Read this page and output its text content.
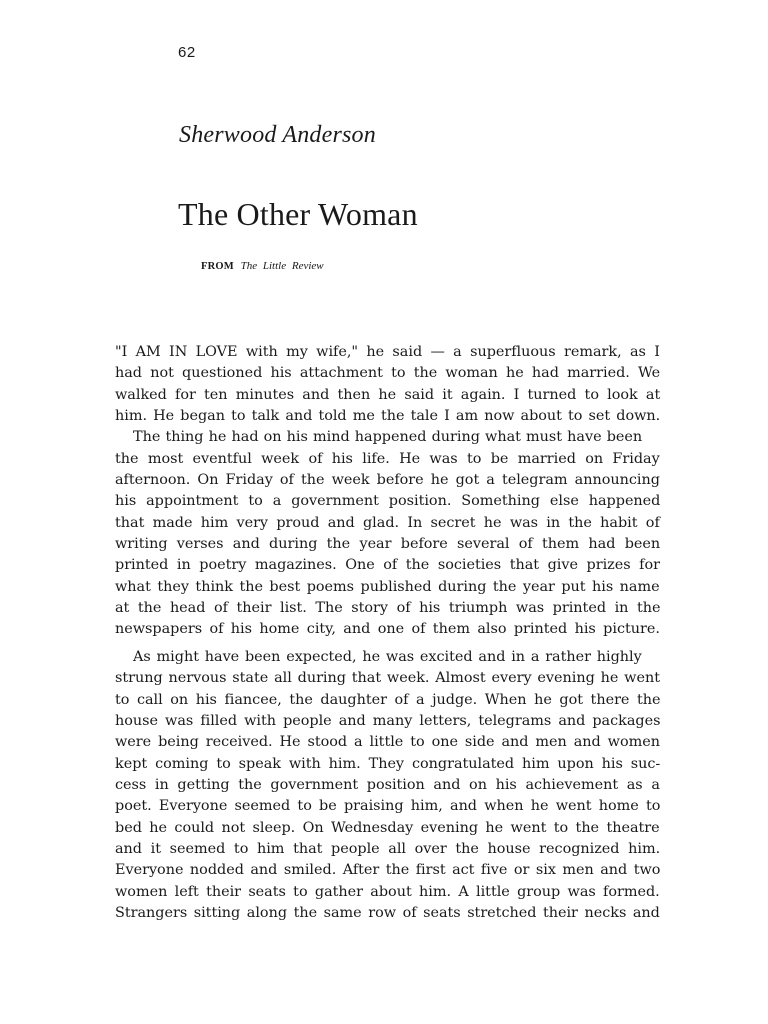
62
Sherwood Anderson
The Other Woman
FROM The Little Review
"I AM IN LOVE with my wife," he said — a superfluous remark, as I
had not questioned his attachment to the woman he had married. We
walked for ten minutes and then he said it again. I turned to look at
him. He began to talk and told me the tale I am now about to set down.
The thing he had on his mind happened during what must have been
the most eventful week of his life. He was to be married on Friday
afternoon. On Friday of the week before he got a telegram announcing
his appointment to a government position. Something else happened
that made him very proud and glad. In secret he was in the habit of
writing verses and during the year before several of them had been
printed in poetry magazines. One of the societies that give prizes for
what they think the best poems published during the year put his name
at the head of their list. The story of his triumph was printed in the
newspapers of his home city, and one of them also printed his picture.
As might have been expected, he was excited and in a rather highly
strung nervous state all during that week. Almost every evening he went
to call on his fiancee, the daughter of a judge. When he got there the
house was filled with people and many letters, telegrams and packages
were being received. He stood a little to one side and men and women
kept coming to speak with him. They congratulated him upon his suc-
cess in getting the government position and on his achievement as a
poet. Everyone seemed to be praising him, and when he went home to
bed he could not sleep. On Wednesday evening he went to the theatre
and it seemed to him that people all over the house recognized him.
Everyone nodded and smiled. After the first act five or six men and two
women left their seats to gather about him. A little group was formed.
Strangers sitting along the same row of seats stretched their necks and
